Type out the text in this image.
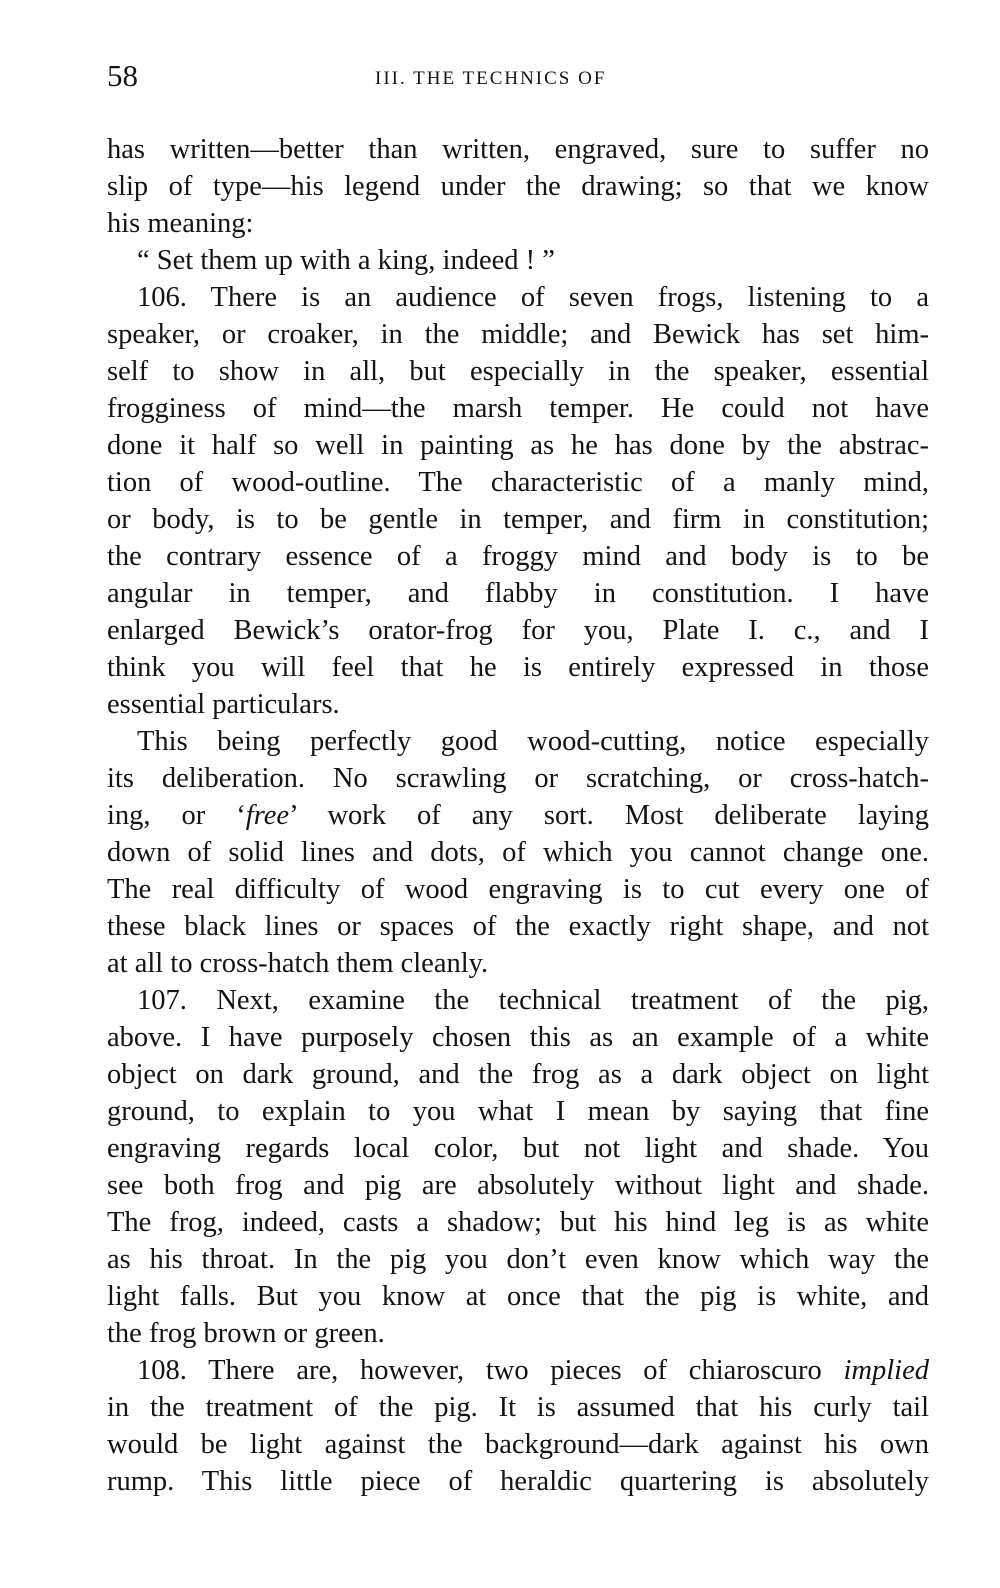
58	III. THE TECHNICS OF
has written—better than written, engraved, sure to suffer no
slip of type—his legend under the drawing; so that we know
his meaning:
“ Set them up with a king, indeed ! ”
106. There is an audience of seven frogs, listening to a
speaker, or croaker, in the middle; and Bewick has set him-
self to show in all, but especially in the speaker, essential
frogginess of mind—the marsh temper. He could not have
done it half so well in painting as he has done by the abstrac-
tion of wood-outline. The characteristic of a manly mind,
or body, is to be gentle in temper, and firm in constitution;
the contrary essence of a froggy mind and body is to be
angular in temper, and flabby in constitution. I have
enlarged Bewick’s orator-frog for you, Plate I. c., and I
think you will feel that he is entirely expressed in those
essential particulars.
This being perfectly good wood-cutting, notice especially
its deliberation. No scrawling or scratching, or cross-hatch-
ing, or ‘free’ work of any sort. Most deliberate laying
down of solid lines and dots, of which you cannot change one.
The real difficulty of wood engraving is to cut every one of
these black lines or spaces of the exactly right shape, and not
at all to cross-hatch them cleanly.
107. Next, examine the technical treatment of the pig,
above. I have purposely chosen this as an example of a white
object on dark ground, and the frog as a dark object on light
ground, to explain to you what I mean by saying that fine
engraving regards local color, but not light and shade. You
see both frog and pig are absolutely without light and shade.
The frog, indeed, casts a shadow; but his hind leg is as white
as his throat. In the pig you don’t even know which way the
light falls. But you know at once that the pig is white, and
the frog brown or green.
108. There are, however, two pieces of chiaroscuro implied
in the treatment of the pig. It is assumed that his curly tail
would be light against the background—dark against his own
rump. This little piece of heraldic quartering is absolutely
